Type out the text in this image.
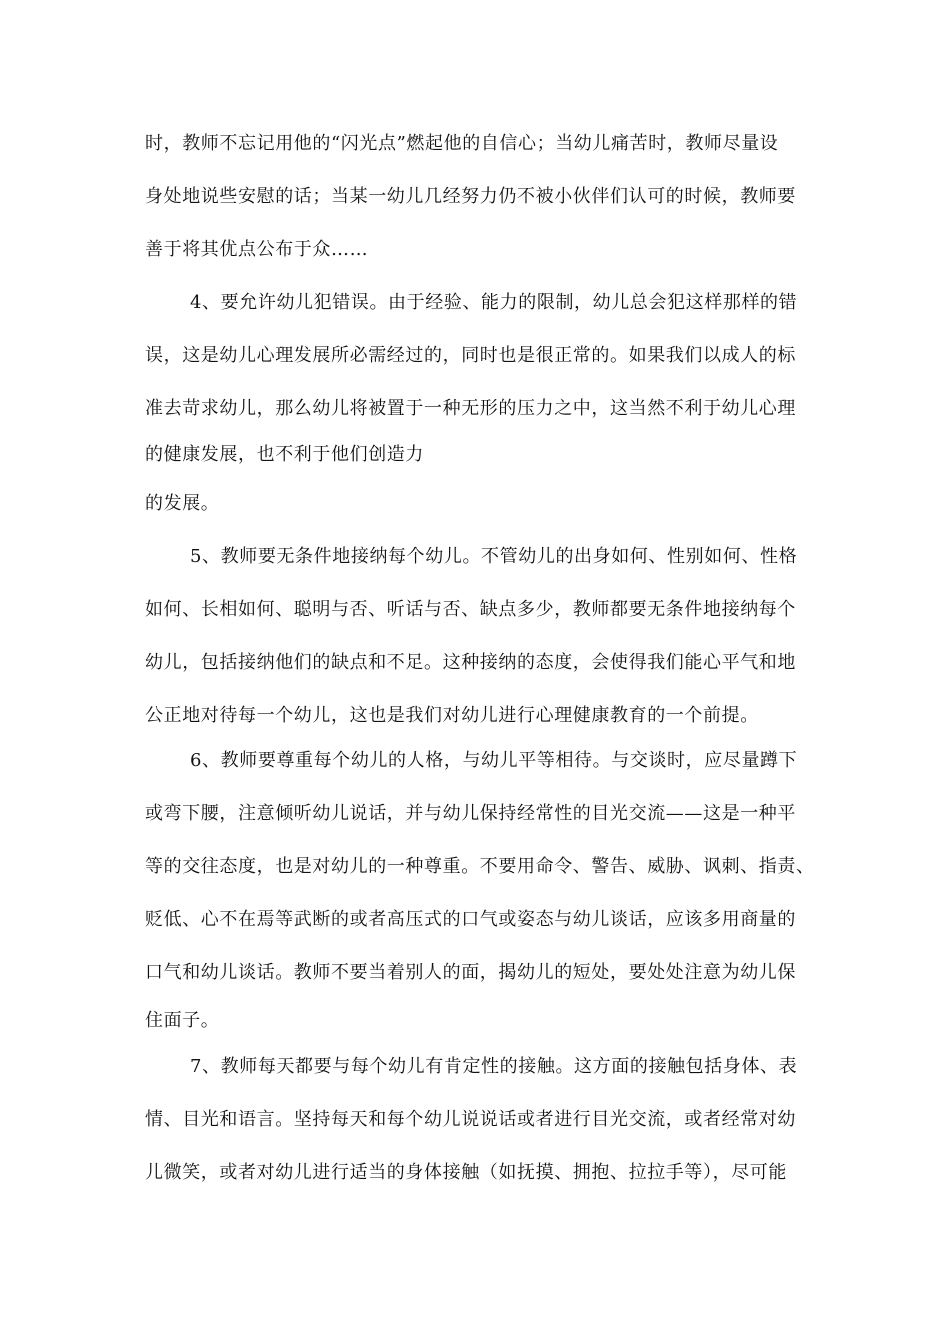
时，教师不忘记用他的“闪光点”燃起他的自信心；当幼儿痛苦时，教师尽量设
身处地说些安慰的话；当某一幼儿几经努力仍不被小伙伴们认可的时候，教师要
善于将其优点公布于众……
4、要允许幼儿犯错误。由于经验、能力的限制，幼儿总会犯这样那样的错
误，这是幼儿心理发展所必需经过的，同时也是很正常的。如果我们以成人的标
准去苛求幼儿，那么幼儿将被置于一种无形的压力之中，这当然不利于幼儿心理
的健康发展，也不利于他们创造力
的发展。
5、教师要无条件地接纳每个幼儿。不管幼儿的出身如何、性别如何、性格
如何、长相如何、聪明与否、听话与否、缺点多少，教师都要无条件地接纳每个
幼儿，包括接纳他们的缺点和不足。这种接纳的态度，会使得我们能心平气和地
公正地对待每一个幼儿，这也是我们对幼儿进行心理健康教育的一个前提。
6、教师要尊重每个幼儿的人格，与幼儿平等相待。与交谈时，应尽量蹲下
或弯下腰，注意倾听幼儿说话，并与幼儿保持经常性的目光交流——这是一种平
等的交往态度，也是对幼儿的一种尊重。不要用命令、警告、威胁、讽刺、指责、
贬低、心不在焉等武断的或者高压式的口气或姿态与幼儿谈话，应该多用商量的
口气和幼儿谈话。教师不要当着别人的面，揭幼儿的短处，要处处注意为幼儿保
住面子。
7、教师每天都要与每个幼儿有肯定性的接触。这方面的接触包括身体、表
情、目光和语言。坚持每天和每个幼儿说说话或者进行目光交流，或者经常对幼
儿微笑，或者对幼儿进行适当的身体接触（如抚摸、拥抱、拉拉手等），尽可能
